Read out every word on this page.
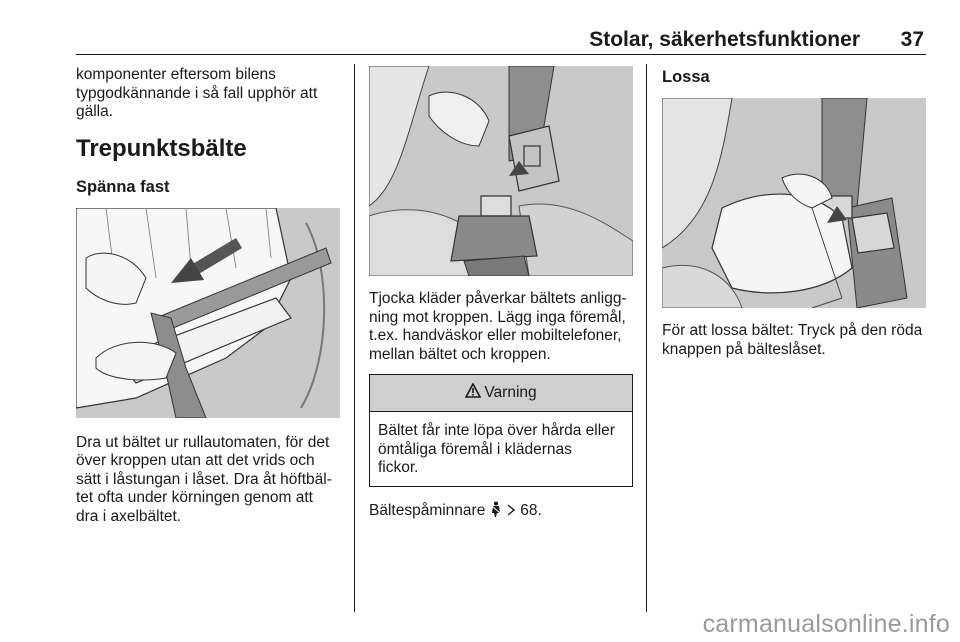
Stolar, säkerhetsfunktioner	37

komponenter eftersom bilens
typgodkännande i så fall upphör att
gälla.

Trepunktsbälte
Spänna fast

Dra ut bältet ur rullautomaten, för det
över kroppen utan att det vrids och
sätt i låstungan i låset. Dra åt höftbäl-
tet ofta under körningen genom att
dra i axelbältet.

Tjocka kläder påverkar bältets anligg-
ning mot kroppen. Lägg inga föremål,
t.ex. handväskor eller mobiltelefoner,
mellan bältet och kroppen.

Varning
Bältet får inte löpa över hårda eller
ömtåliga föremål i klädernas
fickor.

Bältespåminnare 68.

Lossa

För att lossa bältet: Tryck på den röda
knappen på bälteslåset.

carmanualsonline.info
